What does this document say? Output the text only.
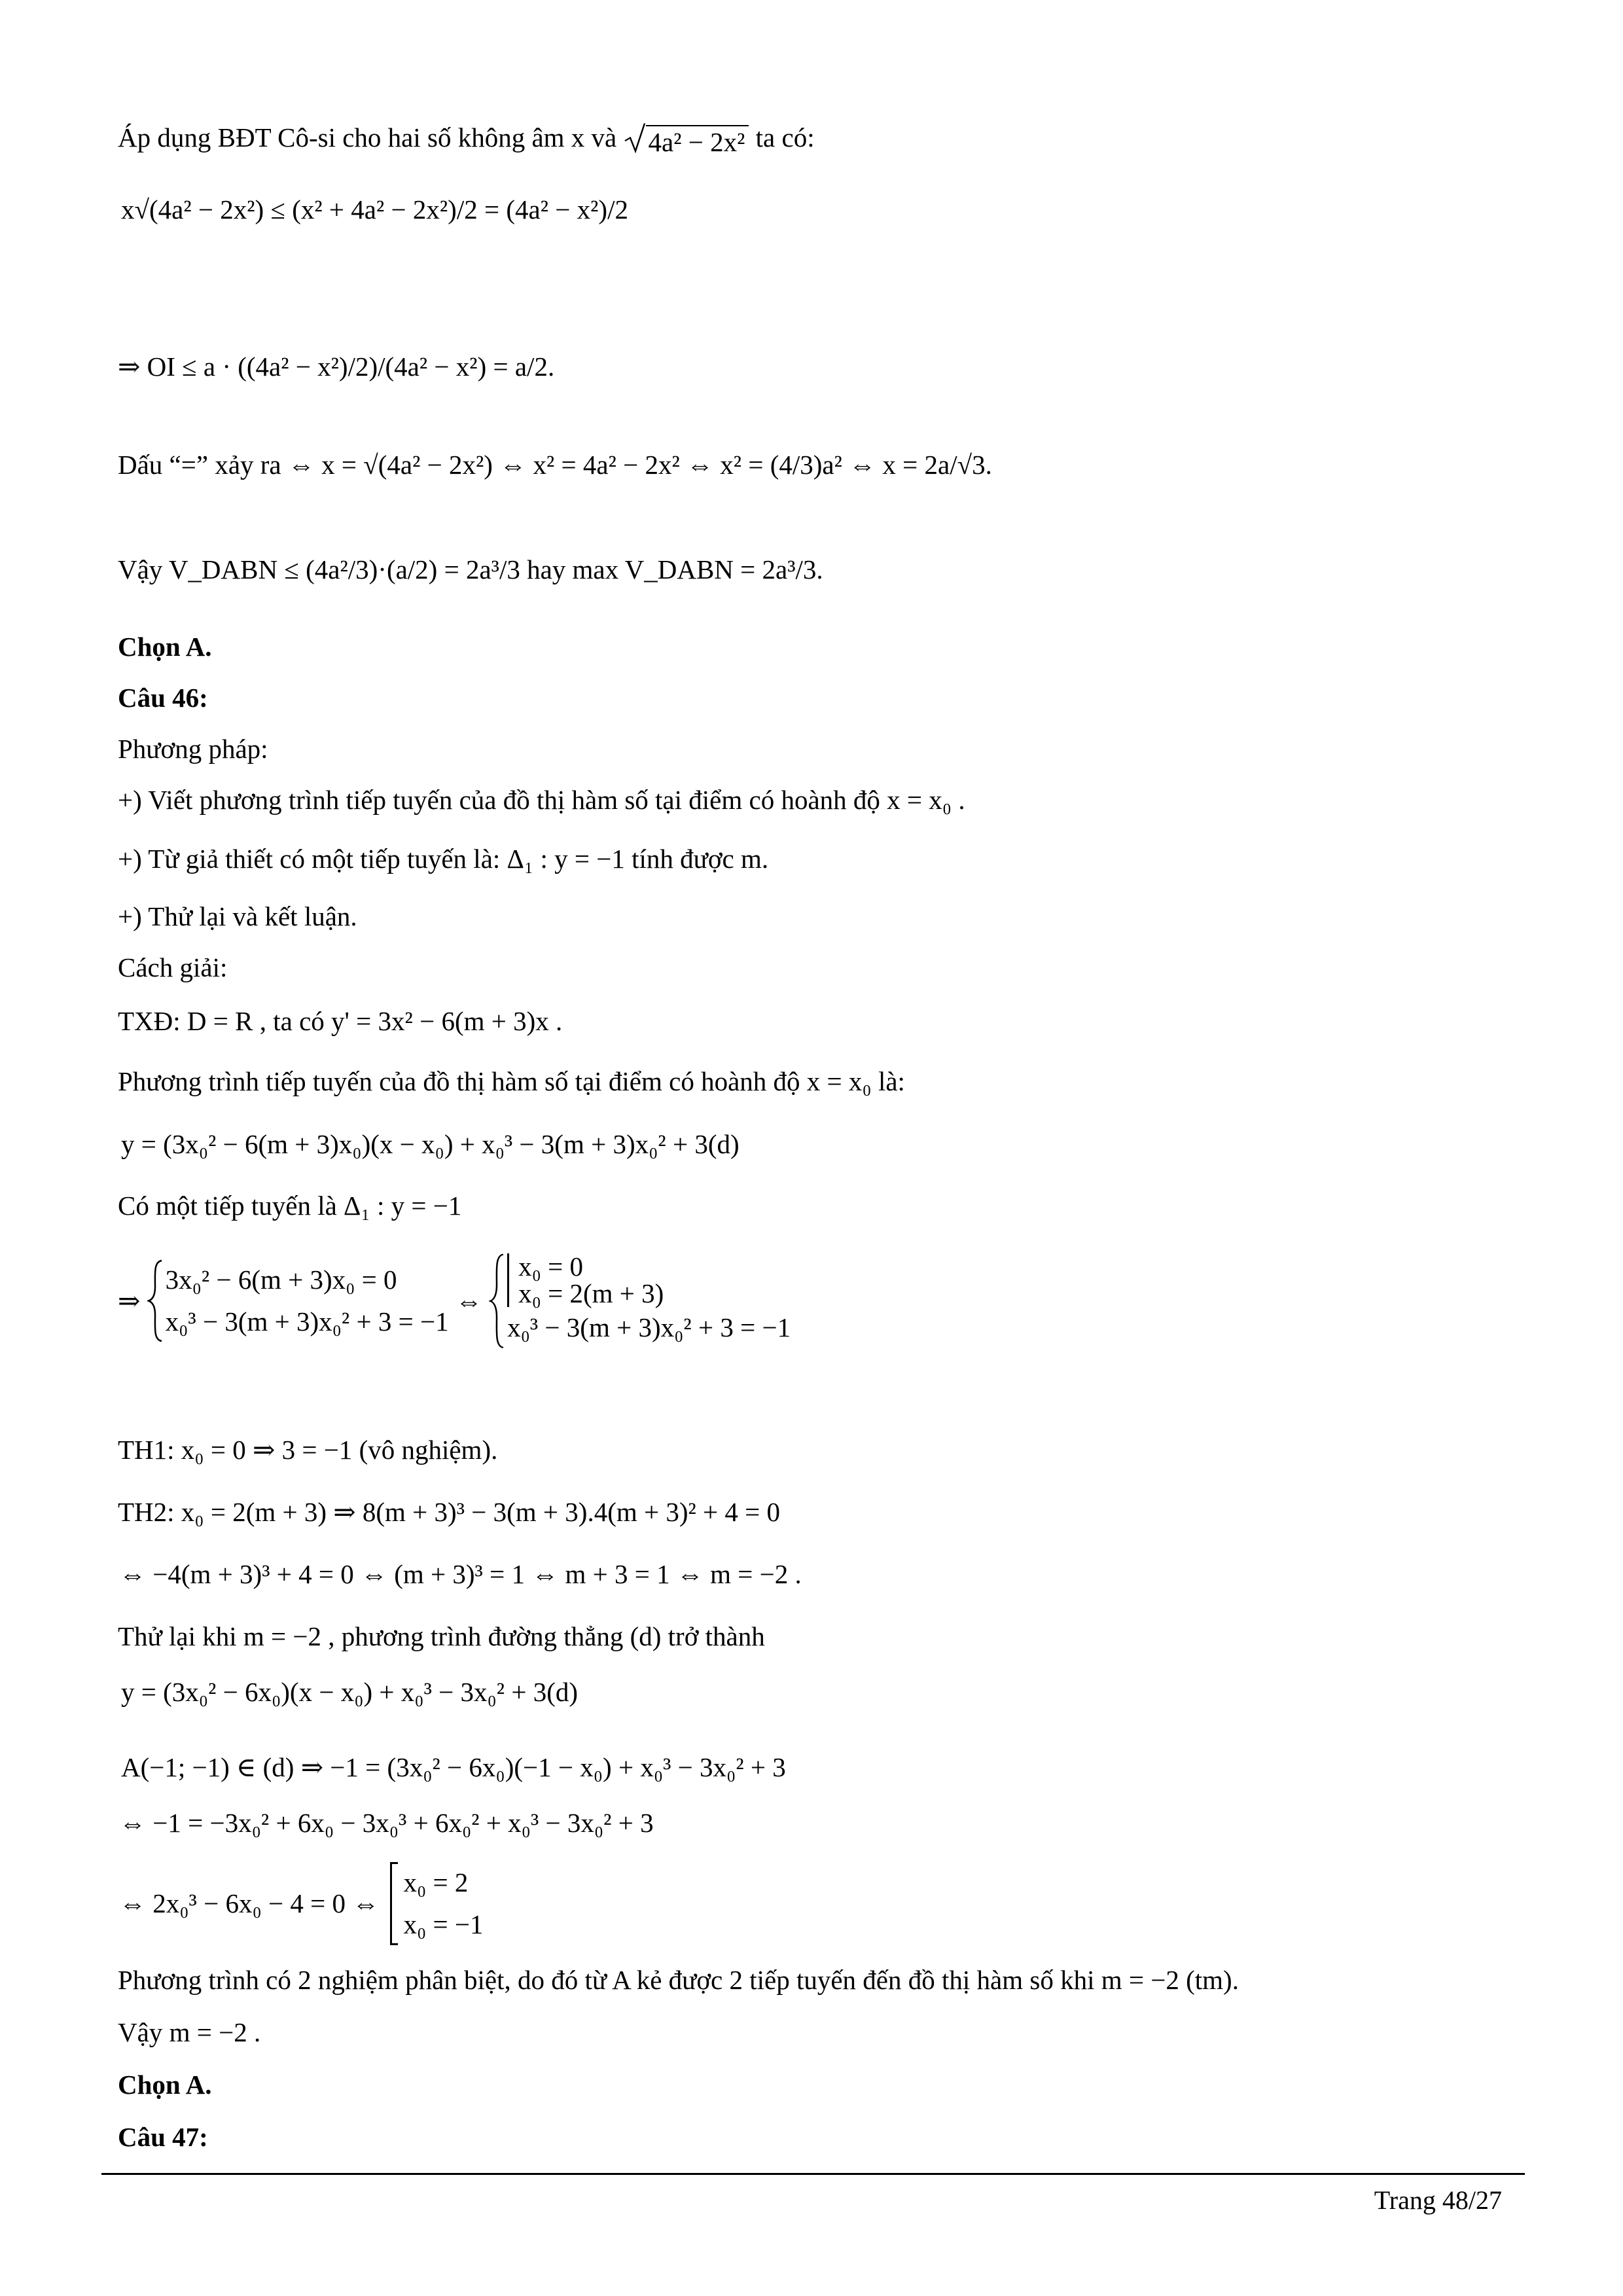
Áp dụng BĐT Cô-si cho hai số không âm x và 4a² − 2x² ta có:
x√(4a² − 2x²) ≤ (x² + 4a² − 2x²)/2 = (4a² − x²)/2
⇒ OI ≤ a · ((4a² − x²)/2)/(4a² − x²) = a/2.
Dấu “=” xảy ra ⇔ x = √(4a² − 2x²) ⇔ x² = 4a² − 2x² ⇔ x² = (4/3)a² ⇔ x = 2a/√3.
Vậy V_DABN ≤ (4a²/3)·(a/2) = 2a³/3 hay max V_DABN = 2a³/3.
Chọn A.
Câu 46:
Phương pháp:
+) Viết phương trình tiếp tuyến của đồ thị hàm số tại điểm có hoành độ x = x₀ .
+) Từ giả thiết có một tiếp tuyến là: Δ₁ : y = −1 tính được m.
+) Thử lại và kết luận.
Cách giải:
TXĐ: D = R , ta có y' = 3x² − 6(m + 3)x .
Phương trình tiếp tuyến của đồ thị hàm số tại điểm có hoành độ x = x₀ là:
y = (3x₀² − 6(m + 3)x₀)(x − x₀) + x₀³ − 3(m + 3)x₀² + 3(d)
Có một tiếp tuyến là Δ₁ : y = −1
⇒
3x₀² − 6(m + 3)x₀ = 0
x₀³ − 3(m + 3)x₀² + 3 = −1
⇔
x₀ = 0
x₀ = 2(m + 3)
x₀³ − 3(m + 3)x₀² + 3 = −1
TH1: x₀ = 0 ⇒ 3 = −1 (vô nghiệm).
TH2: x₀ = 2(m + 3) ⇒ 8(m + 3)³ − 3(m + 3).4(m + 3)² + 4 = 0
⇔ −4(m + 3)³ + 4 = 0 ⇔ (m + 3)³ = 1 ⇔ m + 3 = 1 ⇔ m = −2 .
Thử lại khi m = −2 , phương trình đường thẳng (d) trở thành
y = (3x₀² − 6x₀)(x − x₀) + x₀³ − 3x₀² + 3(d)
A(−1; −1) ∈ (d) ⇒ −1 = (3x₀² − 6x₀)(−1 − x₀) + x₀³ − 3x₀² + 3
⇔ −1 = −3x₀² + 6x₀ − 3x₀³ + 6x₀² + x₀³ − 3x₀² + 3
⇔ 2x₀³ − 6x₀ − 4 = 0 ⇔
x₀ = 2
x₀ = −1
Phương trình có 2 nghiệm phân biệt, do đó từ A kẻ được 2 tiếp tuyến đến đồ thị hàm số khi m = −2 (tm).
Vậy m = −2 .
Chọn A.
Câu 47:
Trang 48/27
